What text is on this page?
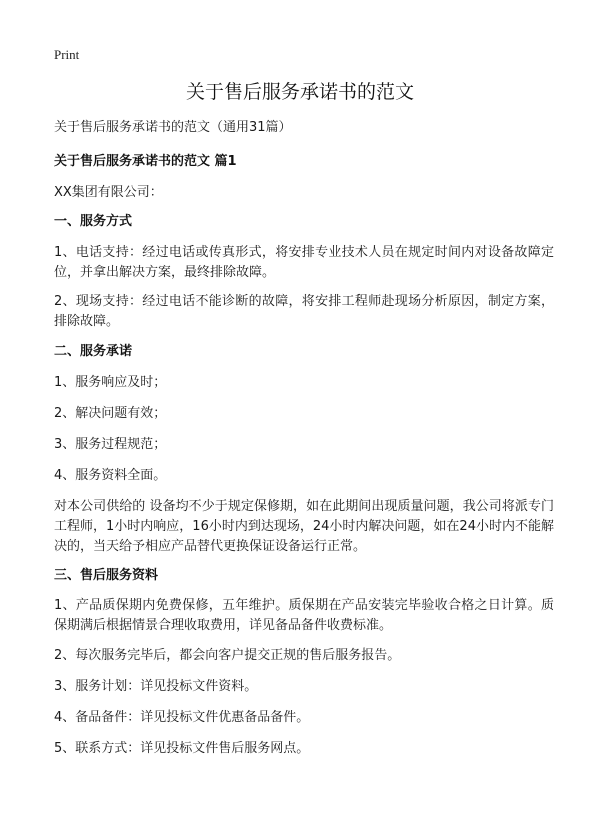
Print
关于售后服务承诺书的范文
关于售后服务承诺书的范文（通用31篇）
关于售后服务承诺书的范文 篇1
XX集团有限公司：
一、服务方式
1、电话支持：经过电话或传真形式，将安排专业技术人员在规定时间内对设备故障定位，并拿出解决方案，最终排除故障。
2、现场支持：经过电话不能诊断的故障，将安排工程师赴现场分析原因，制定方案，排除故障。
二、服务承诺
1、服务响应及时；
2、解决问题有效；
3、服务过程规范；
4、服务资料全面。
对本公司供给的 设备均不少于规定保修期，如在此期间出现质量问题，我公司将派专门工程师，1小时内响应，16小时内到达现场，24小时内解决问题，如在24小时内不能解决的，当天给予相应产品替代更换保证设备运行正常。
三、售后服务资料
1、产品质保期内免费保修，五年维护。质保期在产品安装完毕验收合格之日计算。质保期满后根据情景合理收取费用，详见备品备件收费标准。
2、每次服务完毕后，都会向客户提交正规的售后服务报告。
3、服务计划：详见投标文件资料。
4、备品备件：详见投标文件优惠备品备件。
5、联系方式：详见投标文件售后服务网点。
